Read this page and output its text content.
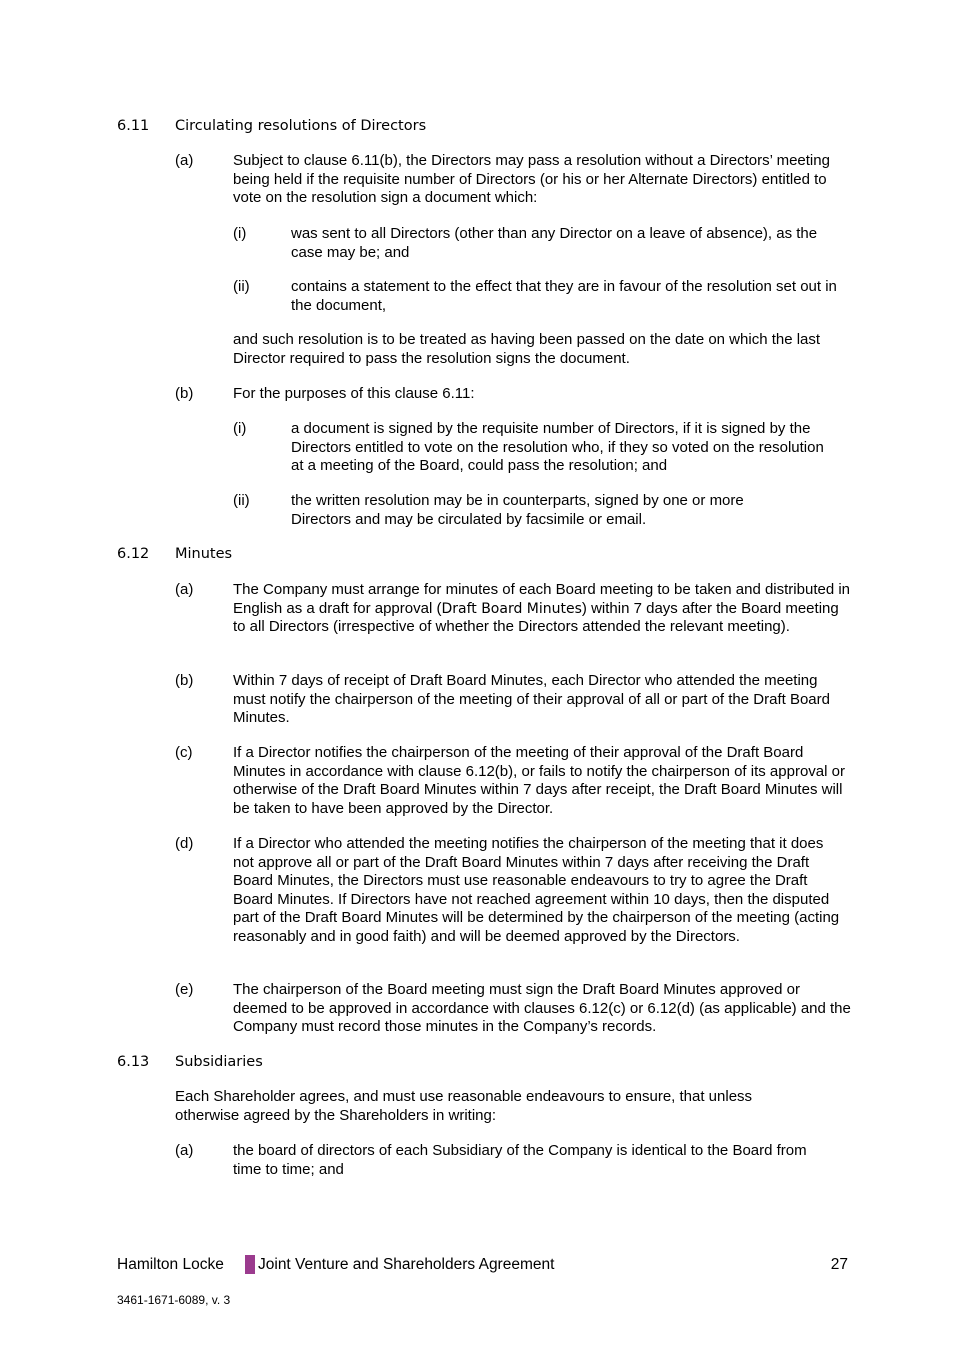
6.11 Circulating resolutions of Directors
(a)	Subject to clause 6.11(b), the Directors may pass a resolution without a Directors’ meeting being held if the requisite number of Directors (or his or her Alternate Directors) entitled to vote on the resolution sign a document which:
(i)	was sent to all Directors (other than any Director on a leave of absence), as the case may be; and
(ii)	contains a statement to the effect that they are in favour of the resolution set out in the document,
and such resolution is to be treated as having been passed on the date on which the last Director required to pass the resolution signs the document.
(b)	For the purposes of this clause 6.11:
(i)	a document is signed by the requisite number of Directors, if it is signed by the Directors entitled to vote on the resolution who, if they so voted on the resolution at a meeting of the Board, could pass the resolution; and
(ii)	the written resolution may be in counterparts, signed by one or more Directors and may be circulated by facsimile or email.
6.12 Minutes
(a)	The Company must arrange for minutes of each Board meeting to be taken and distributed in English as a draft for approval (Draft Board Minutes) within 7 days after the Board meeting to all Directors (irrespective of whether the Directors attended the relevant meeting).
(b)	Within 7 days of receipt of Draft Board Minutes, each Director who attended the meeting must notify the chairperson of the meeting of their approval of all or part of the Draft Board Minutes.
(c)	If a Director notifies the chairperson of the meeting of their approval of the Draft Board Minutes in accordance with clause 6.12(b), or fails to notify the chairperson of its approval or otherwise of the Draft Board Minutes within 7 days after receipt, the Draft Board Minutes will be taken to have been approved by the Director.
(d)	If a Director who attended the meeting notifies the chairperson of the meeting that it does not approve all or part of the Draft Board Minutes within 7 days after receiving the Draft Board Minutes, the Directors must use reasonable endeavours to try to agree the Draft Board Minutes. If Directors have not reached agreement within 10 days, then the disputed part of the Draft Board Minutes will be determined by the chairperson of the meeting (acting reasonably and in good faith) and will be deemed approved by the Directors.
(e)	The chairperson of the Board meeting must sign the Draft Board Minutes approved or deemed to be approved in accordance with clauses 6.12(c) or 6.12(d) (as applicable) and the Company must record those minutes in the Company’s records.
6.13 Subsidiaries
Each Shareholder agrees, and must use reasonable endeavours to ensure, that unless otherwise agreed by the Shareholders in writing:
(a)	the board of directors of each Subsidiary of the Company is identical to the Board from time to time; and
Hamilton Locke Joint Venture and Shareholders Agreement	27
3461-1671-6089, v. 3
